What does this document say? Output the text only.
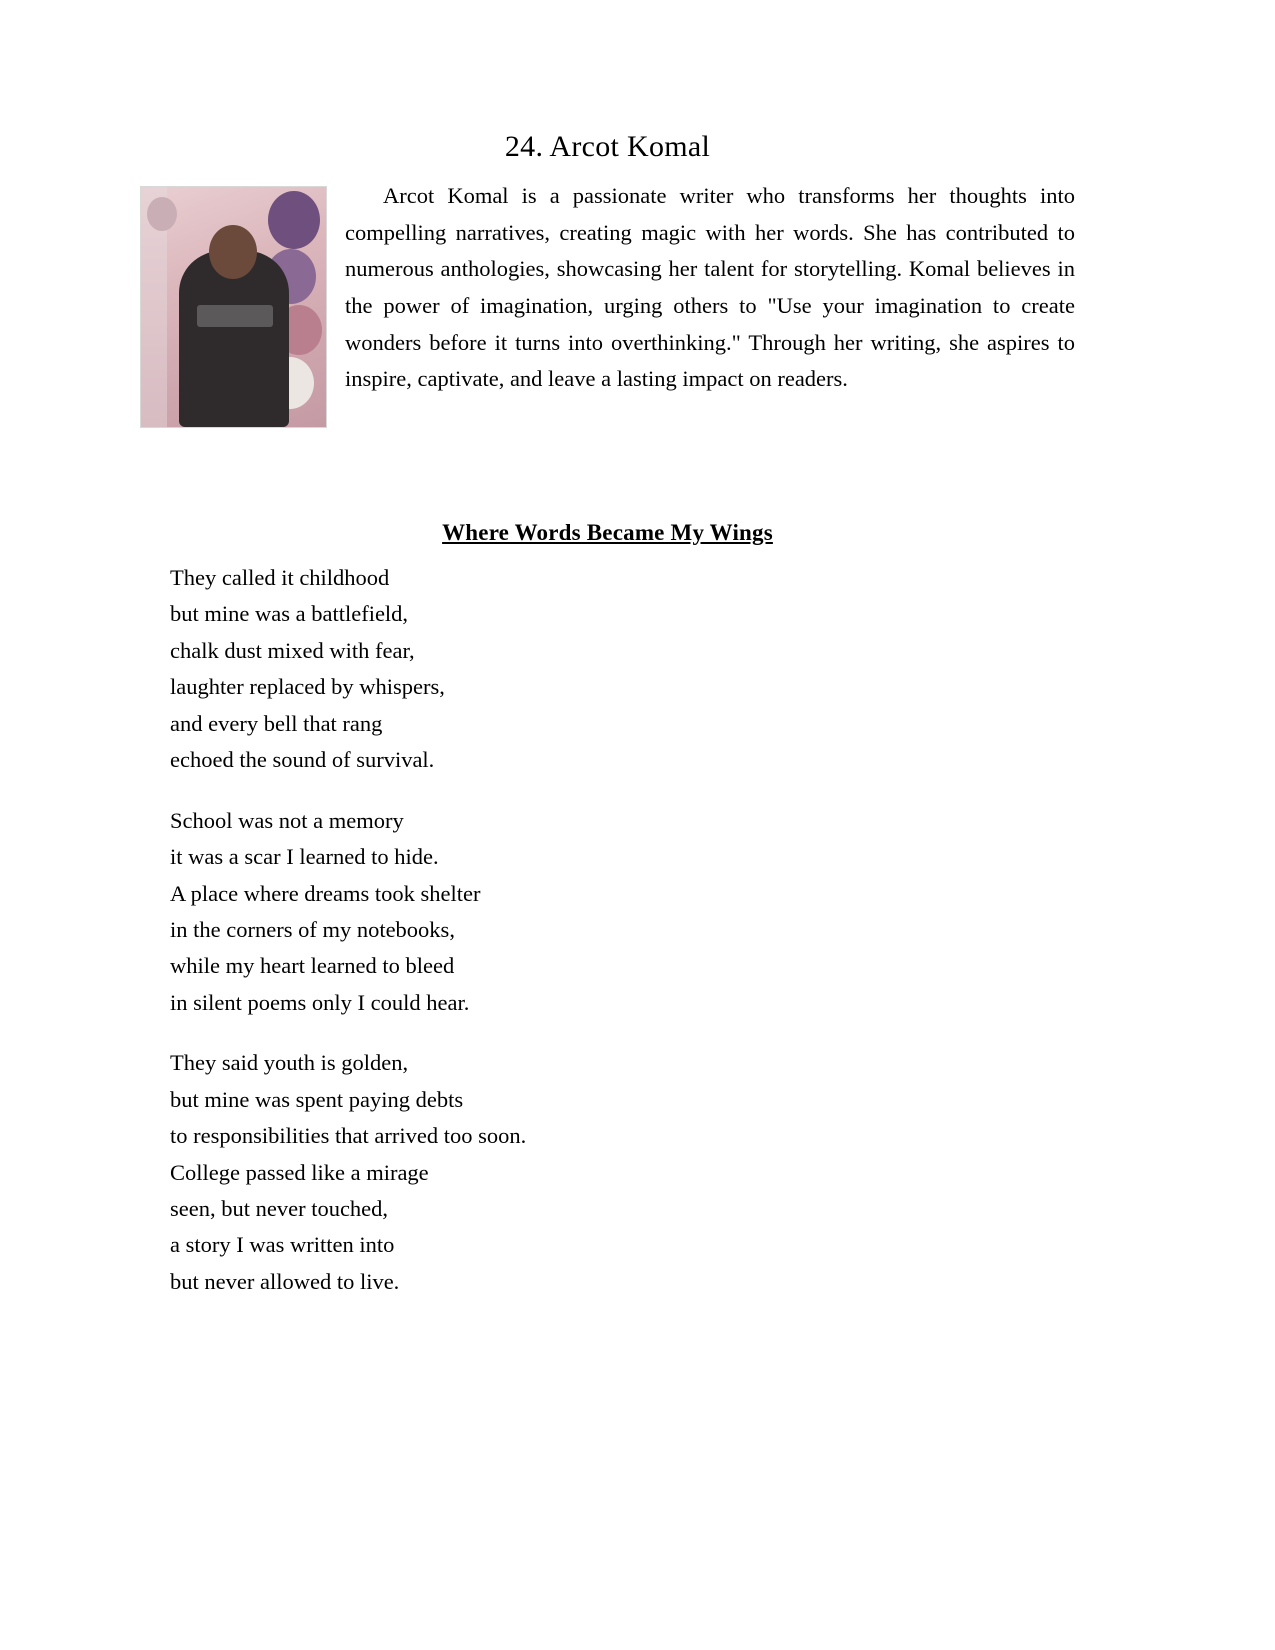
24. Arcot Komal

Arcot Komal is a passionate writer who transforms her thoughts into compelling narratives, creating magic with her words. She has contributed to numerous anthologies, showcasing her talent for storytelling. Komal believes in the power of imagination, urging others to "Use your imagination to create wonders before it turns into overthinking." Through her writing, she aspires to inspire, captivate, and leave a lasting impact on readers.

Where Words Became My Wings
They called it childhood
but mine was a battlefield,
chalk dust mixed with fear,
laughter replaced by whispers,
and every bell that rang
echoed the sound of survival.
School was not a memory
it was a scar I learned to hide.
A place where dreams took shelter
in the corners of my notebooks,
while my heart learned to bleed
in silent poems only I could hear.
They said youth is golden,
but mine was spent paying debts
to responsibilities that arrived too soon.
College passed like a mirage
seen, but never touched,
a story I was written into
but never allowed to live.
